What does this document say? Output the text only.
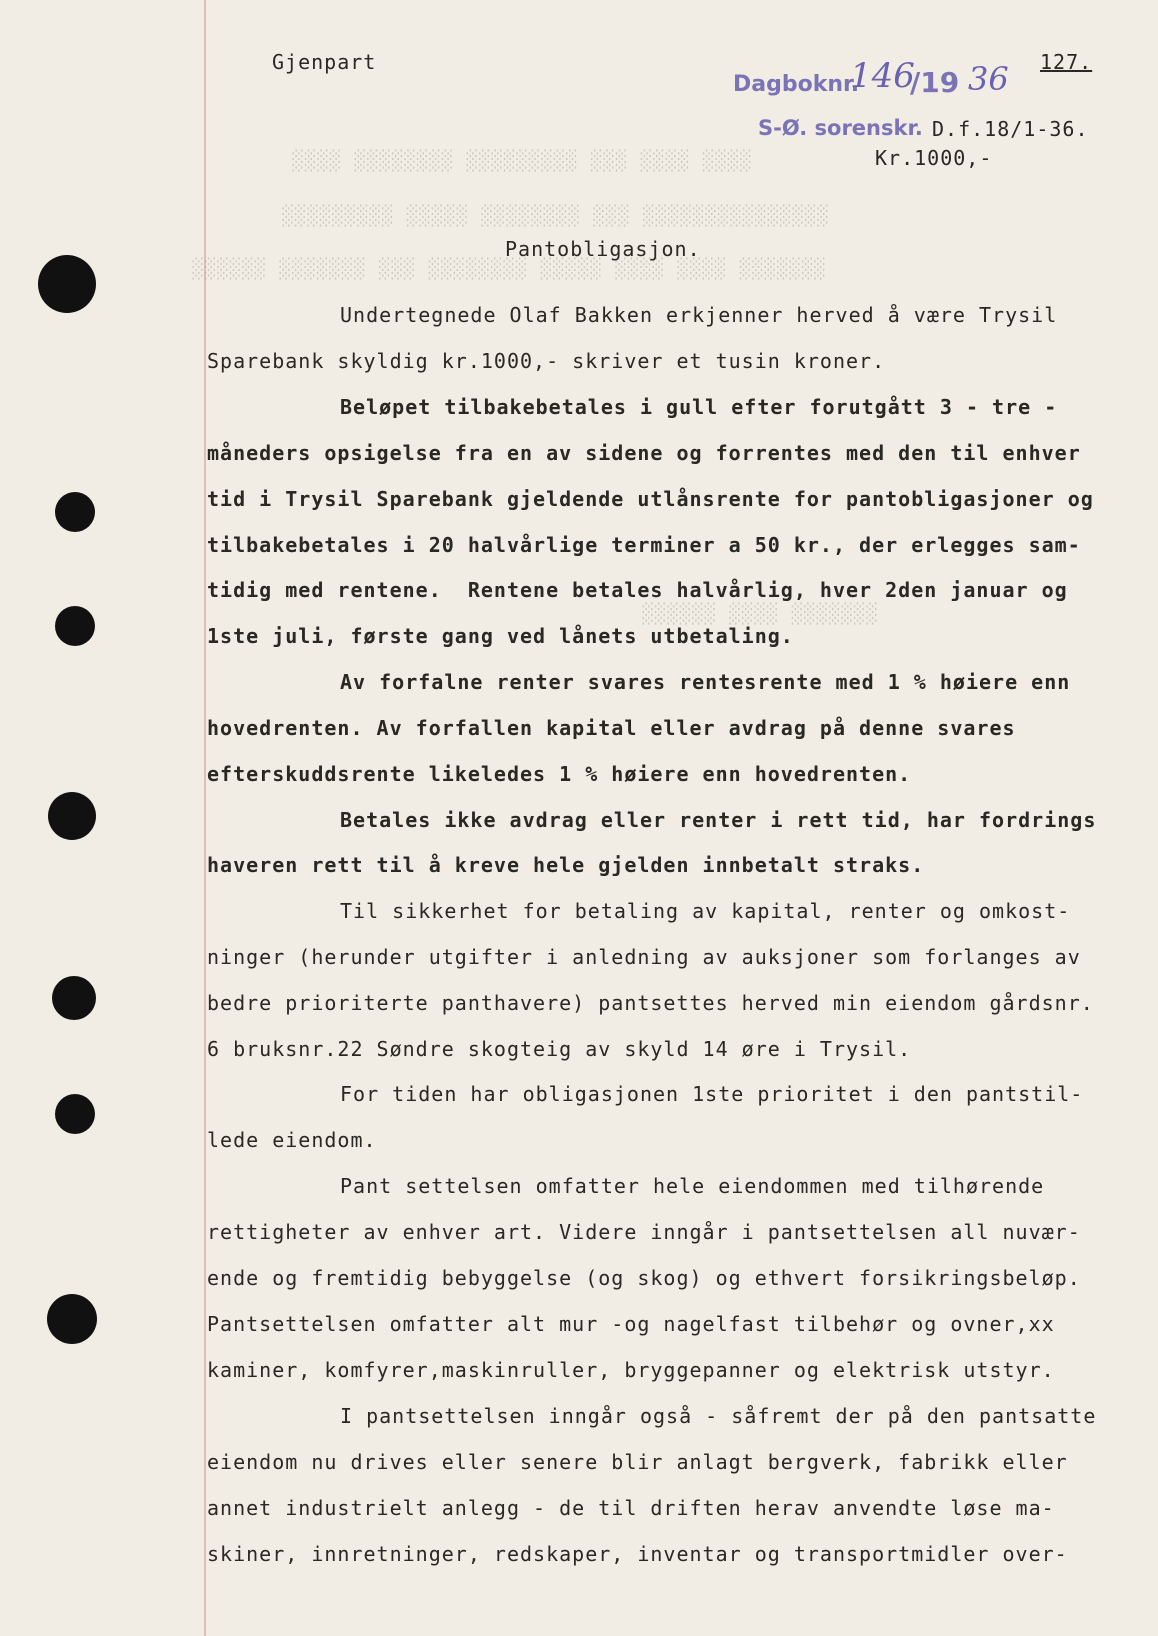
░░░░ ░░░░ ░░░ ░░░░░░░░░ ░░░░░░░░ ░░░░
░░░░░░░░░░░░░░░ ░░░ ░░░░░░░░ ░░░░░ ░░░░░░░░░
░░░░░░░ ░░░░ ░░░░ ░░░░░ ░░░░░░░░ ░░░ ░░░░░░░ ░░░░░░
░░░░░░░ ░░░░ ░░░░░░
Gjenpart
Dagboknr.
146
/19 36 127.
S-Ø. sorenskr. D.f.18/1-36.
Kr.1000,-
Pantobligasjon.
Undertegnede Olaf Bakken erkjenner herved å være Trysil
Sparebank skyldig kr.1000,- skriver et tusin kroner.
Beløpet tilbakebetales i gull efter forutgått 3 - tre -
måneders opsigelse fra en av sidene og forrentes med den til enhver
tid i Trysil Sparebank gjeldende utlånsrente for pantobligasjoner og
tilbakebetales i 20 halvårlige terminer a 50 kr., der erlegges sam-
tidig med rentene.  Rentene betales halvårlig, hver 2den januar og
1ste juli, første gang ved lånets utbetaling.
Av forfalne renter svares rentesrente med 1 % høiere enn
hovedrenten. Av forfallen kapital eller avdrag på denne svares
efterskuddsrente likeledes 1 % høiere enn hovedrenten.
Betales ikke avdrag eller renter i rett tid, har fordrings
haveren rett til å kreve hele gjelden innbetalt straks.
Til sikkerhet for betaling av kapital, renter og omkost-
ninger (herunder utgifter i anledning av auksjoner som forlanges av
bedre prioriterte panthavere) pantsettes herved min eiendom gårdsnr.
6 bruksnr.22 Søndre skogteig av skyld 14 øre i Trysil.
For tiden har obligasjonen 1ste prioritet i den pantstil-
lede eiendom.
Pant settelsen omfatter hele eiendommen med tilhørende
rettigheter av enhver art. Videre inngår i pantsettelsen all nuvær-
ende og fremtidig bebyggelse (og skog) og ethvert forsikringsbeløp.
Pantsettelsen omfatter alt mur -og nagelfast tilbehør og ovner,xx
kaminer, komfyrer,maskinruller, bryggepanner og elektrisk utstyr.
I pantsettelsen inngår også - såfremt der på den pantsatte
eiendom nu drives eller senere blir anlagt bergverk, fabrikk eller
annet industrielt anlegg - de til driften herav anvendte løse ma-
skiner, innretninger, redskaper, inventar og transportmidler over-
